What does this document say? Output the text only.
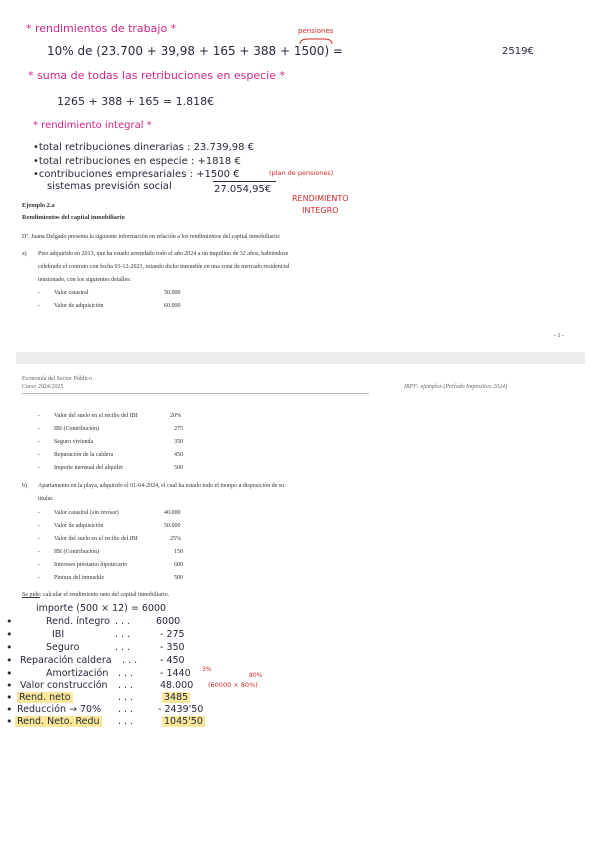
* rendimientos de trabajo *	pensiones
10% de (23.700 + 39,98 + 165 + 388 + 1500) =	2519€
* suma de todas las retribuciones en especie *
1265 + 388 + 165 = 1.818€
* rendimiento integral *
•total retribuciones dinerarias : 23.739,98 €
•total retribuciones en especie : +1818 €
•contribuciones empresariales : +1500 €	(plan de pensiones)
sistemas previsión social	27.054,95€
RENDIMIENTO
INTEGRO
Ejemplo 2.a
Rendimientos del capital inmobiliario
Dª. Juana Delgado presenta la siguiente información en relación a los rendimientos del capital inmobiliario:
a) Piso adquirido en 2013, que ha estado arrendado todo el año 2024 a un inquilino de 32 años, habiéndose
celebrado el contrato con fecha 01-12-2023, estando dicho inmueble en una zona de mercado residencial
tensionado, con los siguientes detalles:
- Valor catastral	50.000
- Valor de adquisición	60.000
- 1 -
Economía del Sector Público
Curso 2024/2025	IRPF: ejemplos (Período Impositivo 2024)
- Valor del suelo en el recibo del IBI	20%
- IBI (Contribución)	275
- Seguro vivienda	350
- Reparación de la caldera	450
- Importe mensual del alquiler	500
b) Apartamento en la playa, adquirido el 01-04-2024, el cual ha estado todo el tiempo a disposición de su
titular.
- Valor catastral (sin revisar)	40.000
- Valor de adquisición	50.000
- Valor del suelo en el recibo del IBI	25%
- IBI (Contribución)	150
- Intereses préstamo hipotecario	600
- Pintura del inmueble	500
Se pide: calcular el rendimiento neto del capital inmobiliario.
importe (500 × 12) = 6000
•	Rend. íntegro . . .	6000
•	IBI	. . .	- 275
•	Seguro	. . .	- 350
• Reparación caldera . . . - 450
•	Amortización . . .	- 1440 3%
• Valor construcción . . .	48.000
80%
(60000 × 80%)
• Rend. neto	. . .	3485
• Reducción → 70% . . .	- 2439'50
• Rend. Neto. Redu . . .	1045'50
